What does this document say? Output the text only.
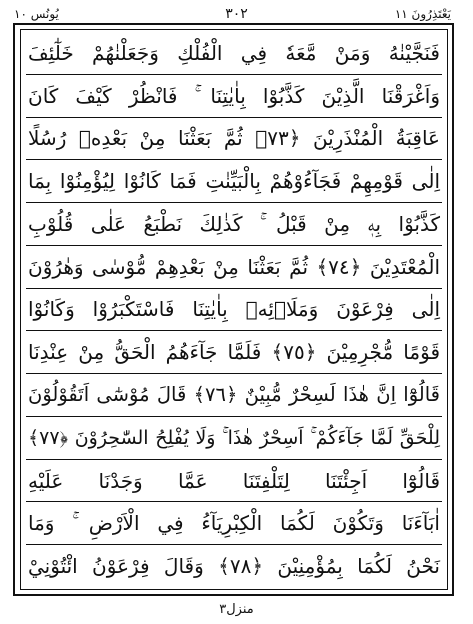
يَعْتَذِرُونَ ١١
٣٠٢
يُونُس ١٠
فَنَجَّيْنٰهُ وَمَنْ مَّعَهٗ فِي الْفُلْكِ وَجَعَلْنٰهُمْ خَلٰٓئِفَ
وَاَغْرَقْنَا الَّذِيْنَ كَذَّبُوْا بِاٰيٰتِنَا ۚ فَانْظُرْ كَيْفَ كَانَ
عَاقِبَةُ الْمُنْذَرِيْنَ ﴿٧٣﴾ ثُمَّ بَعَثْنَا مِنْ بَعْدِهٖ رُسُلًا
اِلٰى قَوْمِهِمْ فَجَآءُوْهُمْ بِالْبَيِّنٰتِ فَمَا كَانُوْا لِيُؤْمِنُوْا بِمَا
كَذَّبُوْا بِهٖ مِنْ قَبْلُ ۚ كَذٰلِكَ نَطْبَعُ عَلٰى قُلُوْبِ
الْمُعْتَدِيْنَ ﴿٧٤﴾ ثُمَّ بَعَثْنَا مِنْ بَعْدِهِمْ مُّوْسٰى وَهٰرُوْنَ
اِلٰى فِرْعَوْنَ وَمَلَا۟ئِهٖ بِاٰيٰتِنَا فَاسْتَكْبَرُوْا وَكَانُوْا
قَوْمًا مُّجْرِمِيْنَ ﴿٧٥﴾ فَلَمَّا جَآءَهُمُ الْحَقُّ مِنْ عِنْدِنَا
قَالُوْٓا اِنَّ هٰذَا لَسِحْرٌ مُّبِيْنٌ ﴿٧٦﴾ قَالَ مُوْسٰٓى اَتَقُوْلُوْنَ
لِلْحَقِّ لَمَّا جَآءَكُمْ ۚ اَسِحْرٌ هٰذَا ۚ وَلَا يُفْلِحُ السّٰحِرُوْنَ ﴿٧٧﴾
قَالُوْٓا اَجِئْتَنَا لِتَلْفِتَنَا عَمَّا وَجَدْنَا عَلَيْهِ
اٰبَآءَنَا وَتَكُوْنَ لَكُمَا الْكِبْرِيَآءُ فِي الْاَرْضِ ۚ وَمَا
نَحْنُ لَكُمَا بِمُؤْمِنِيْنَ ﴿٧٨﴾ وَقَالَ فِرْعَوْنُ ائْتُوْنِيْ
منزل٣
